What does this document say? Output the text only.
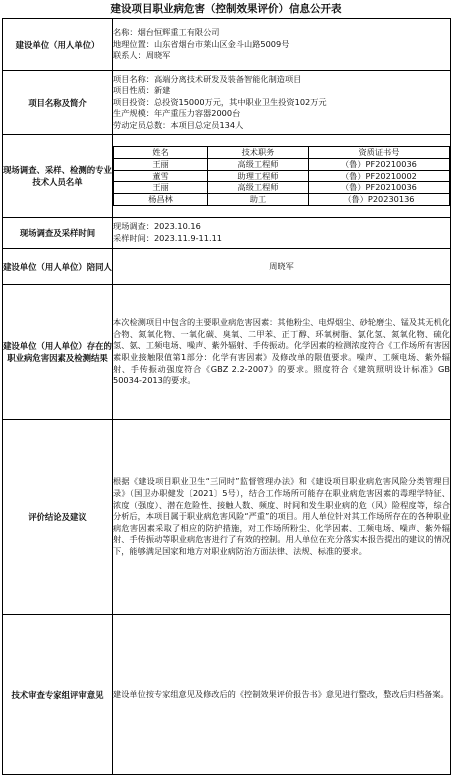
建设项目职业病危害（控制效果评价）信息公开表
建设单位（用人单位）	
名称：烟台恒辉重工有限公司
地理位置：山东省烟台市莱山区金斗山路5009号
联系人：周晓军

项目名称及简介	
项目名称：高端分离技术研发及装备智能化制造项目
项目性质：新建
项目投资：总投资15000万元，其中职业卫生投资102万元
生产规模：年产重压力容器2000台
劳动定员总数：本项目总定员134人

现场调查、采样、检测的专业技术人员名单	
姓名	技术职务	资质证书号
王丽	高级工程师	（鲁）PF20210036
董雪	助理工程师	（鲁）PF20210002
王丽	高级工程师	（鲁）PF20210036
杨昌林	助工	（鲁）P20230136

现场调查及采样时间	
现场调查：2023.10.16
采样时间：2023.11.9-11.11

建设单位（用人单位）陪同人	周晓军
建设单位（用人单位）存在的职业病危害因素及检测结果	本次检测项目中包含的主要职业病危害因素：其他粉尘、电焊烟尘、砂轮磨尘、锰及其无机化合物、氮氧化物、一氧化碳、臭氧、二甲苯、正丁醇、环氧树脂、氯化氢、氮氧化物、硫化氢、氨、工频电场、噪声、紫外辐射、手传振动。化学因素的检测浓度符合《工作场所有害因素职业接触限值第1部分：化学有害因素》及修改单的限值要求。噪声、工频电场、紫外辐射、手传振动强度符合《GBZ 2.2-2007》的要求。照度符合《建筑照明设计标准》GB 50034-2013的要求。
评价结论及建议	根据《建设项目职业卫生“三同时”监督管理办法》和《建设项目职业病危害风险分类管理目录》（国卫办职健发〔2021〕5号），结合工作场所可能存在职业病危害因素的毒理学特征、浓度（强度）、潜在危险性、接触人数、频度、时间和发生职业病的危（风）险程度等，综合分析后，本项目属于职业病危害风险“严重”的项目。用人单位针对其工作场所存在的各种职业病危害因素采取了相应的防护措施，对工作场所粉尘、化学因素、工频电场、噪声、紫外辐射、手传振动等职业病危害进行了有效的控制。用人单位在充分落实本报告提出的建议的情况下，能够满足国家和地方对职业病防治方面法律、法规、标准的要求。
技术审查专家组评审意见	建设单位按专家组意见及修改后的《控制效果评价报告书》意见进行整改，整改后归档备案。
